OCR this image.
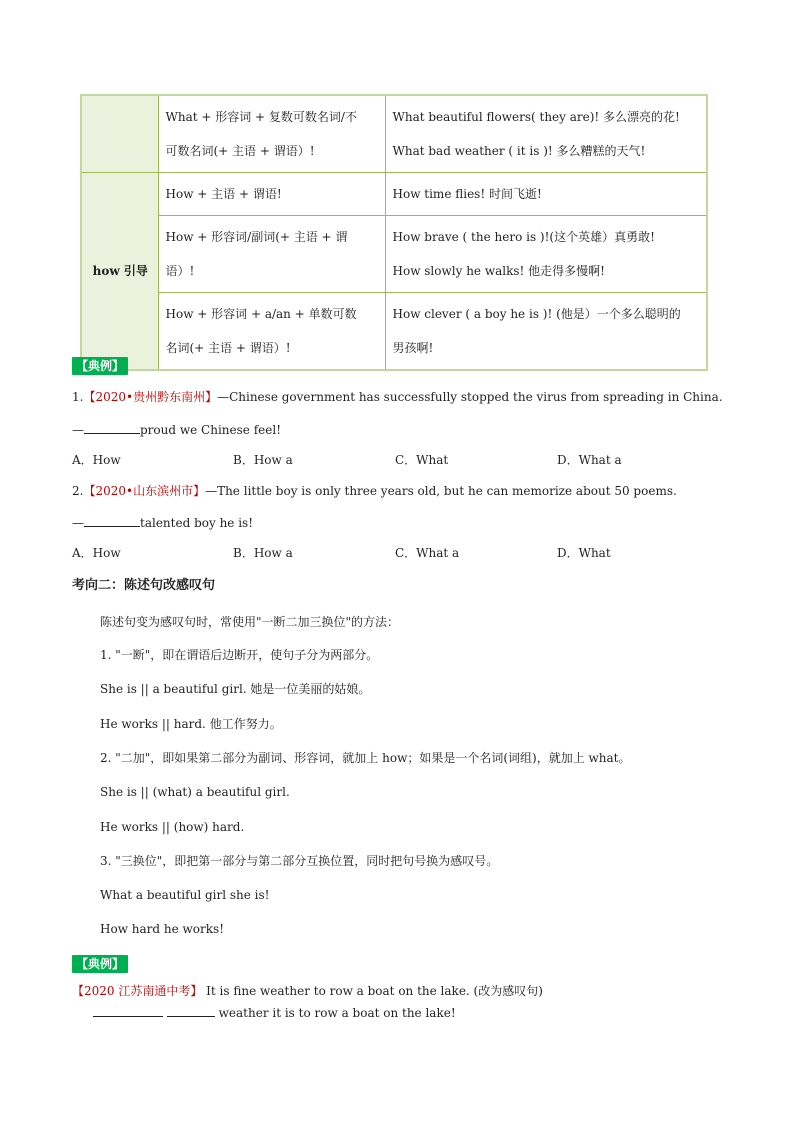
	What + 形容词 + 复数可数名词/不
可数名词(+ 主语 + 谓语）!	What beautiful flowers( they are)! 多么漂亮的花!
What bad weather ( it is )! 多么糟糕的天气!

how 引导	How + 主语 + 谓语!	How time flies! 时间飞逝!

	How + 形容词/副词(+ 主语 + 谓
语）!	How brave ( the hero is )!(这个英雄）真勇敢!
How slowly he walks! 他走得多慢啊!

	How + 形容词 + a/an + 单数可数
名词(+ 主语 + 谓语）!	How clever ( a boy he is )! (他是）一个多么聪明的
男孩啊!
【典例】
1.【2020•贵州黔东南州】—Chinese government has successfully stopped the virus from spreading in China.
—	proud we Chinese feel!
A．How	B．How a	C．What	D．What a
2.【2020•山东滨州市】—The little boy is only three years old, but he can memorize about 50 poems.
—	talented boy he is!
A．How	B．How a	C．What a	D．What
考向二：陈述句改感叹句
陈述句变为感叹句时，常使用"一断二加三换位"的方法：
1. "一断"，即在谓语后边断开，使句子分为两部分。
She is || a beautiful girl. 她是一位美丽的姑娘。
He works || hard. 他工作努力。
2. "二加"，即如果第二部分为副词、形容词，就加上 how；如果是一个名词(词组)，就加上 what。
She is || (what) a beautiful girl.
He works || (how) hard.
3. "三换位"，即把第一部分与第二部分互换位置，同时把句号换为感叹号。
What a beautiful girl she is!
How hard he works!
【典例】
【2020 江苏南通中考】 It is fine weather to row a boat on the lake. (改为感叹句)
weather it is to row a boat on the lake!
